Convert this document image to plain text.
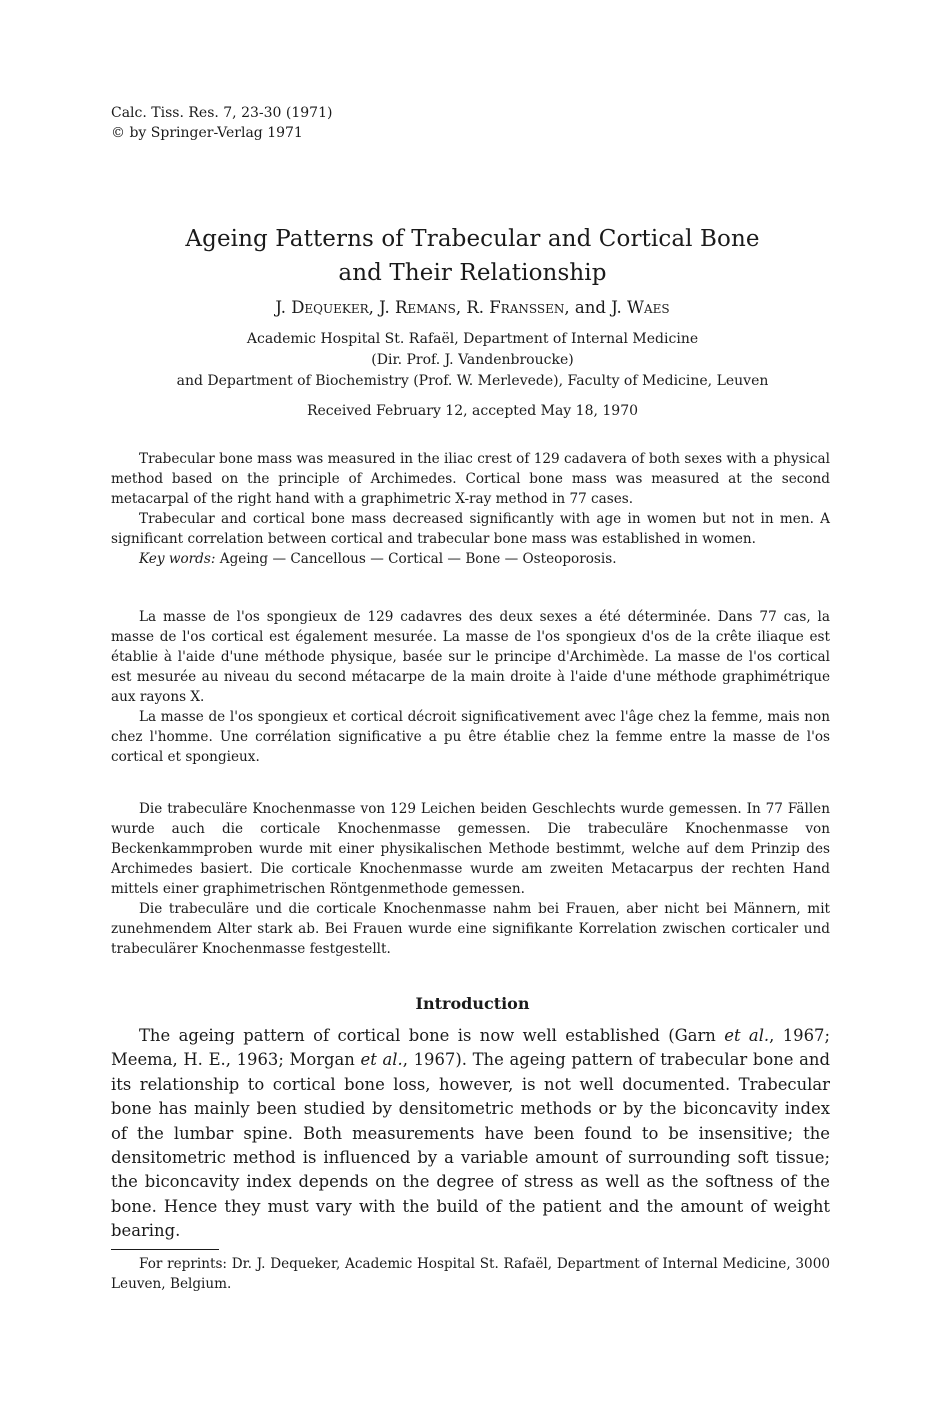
Calc. Tiss. Res. 7, 23-30 (1971)
© by Springer-Verlag 1971
Ageing Patterns of Trabecular and Cortical Bone
and Their Relationship
J. Dequeker, J. Remans, R. Franssen, and J. Waes
Academic Hospital St. Rafaël, Department of Internal Medicine
(Dir. Prof. J. Vandenbroucke)
and Department of Biochemistry (Prof. W. Merlevede), Faculty of Medicine, Leuven
Received February 12, accepted May 18, 1970

Trabecular bone mass was measured in the iliac crest of 129 cadavera of both sexes with a physical method based on the principle of Archimedes. Cortical bone mass was measured at the second metacarpal of the right hand with a graphimetric X-ray method in 77 cases.

Trabecular and cortical bone mass decreased significantly with age in women but not in men. A significant correlation between cortical and trabecular bone mass was established in women.

Key words: Ageing — Cancellous — Cortical — Bone — Osteoporosis.

La masse de l'os spongieux de 129 cadavres des deux sexes a été déterminée. Dans 77 cas, la masse de l'os cortical est également mesurée. La masse de l'os spongieux d'os de la crête iliaque est établie à l'aide d'une méthode physique, basée sur le principe d'Archimède. La masse de l'os cortical est mesurée au niveau du second métacarpe de la main droite à l'aide d'une méthode graphimétrique aux rayons X.

La masse de l'os spongieux et cortical décroit significativement avec l'âge chez la femme, mais non chez l'homme. Une corrélation significative a pu être établie chez la femme entre la masse de l'os cortical et spongieux.

Die trabeculäre Knochenmasse von 129 Leichen beiden Geschlechts wurde gemessen. In 77 Fällen wurde auch die corticale Knochenmasse gemessen. Die trabeculäre Knochenmasse von Beckenkammproben wurde mit einer physikalischen Methode bestimmt, welche auf dem Prinzip des Archimedes basiert. Die corticale Knochenmasse wurde am zweiten Metacarpus der rechten Hand mittels einer graphimetrischen Röntgenmethode gemessen.

Die trabeculäre und die corticale Knochenmasse nahm bei Frauen, aber nicht bei Männern, mit zunehmendem Alter stark ab. Bei Frauen wurde eine signifikante Korrelation zwischen corticaler und trabeculärer Knochenmasse festgestellt.

Introduction

The ageing pattern of cortical bone is now well established (Garn et al., 1967; Meema, H. E., 1963; Morgan et al., 1967). The ageing pattern of trabecular bone and its relationship to cortical bone loss, however, is not well documented. Trabecular bone has mainly been studied by densitometric methods or by the biconcavity index of the lumbar spine. Both measurements have been found to be insensitive; the densitometric method is influenced by a variable amount of surrounding soft tissue; the biconcavity index depends on the degree of stress as well as the softness of the bone. Hence they must vary with the build of the patient and the amount of weight bearing.

For reprints: Dr. J. Dequeker, Academic Hospital St. Rafaël, Department of Internal Medicine, 3000 Leuven, Belgium.
